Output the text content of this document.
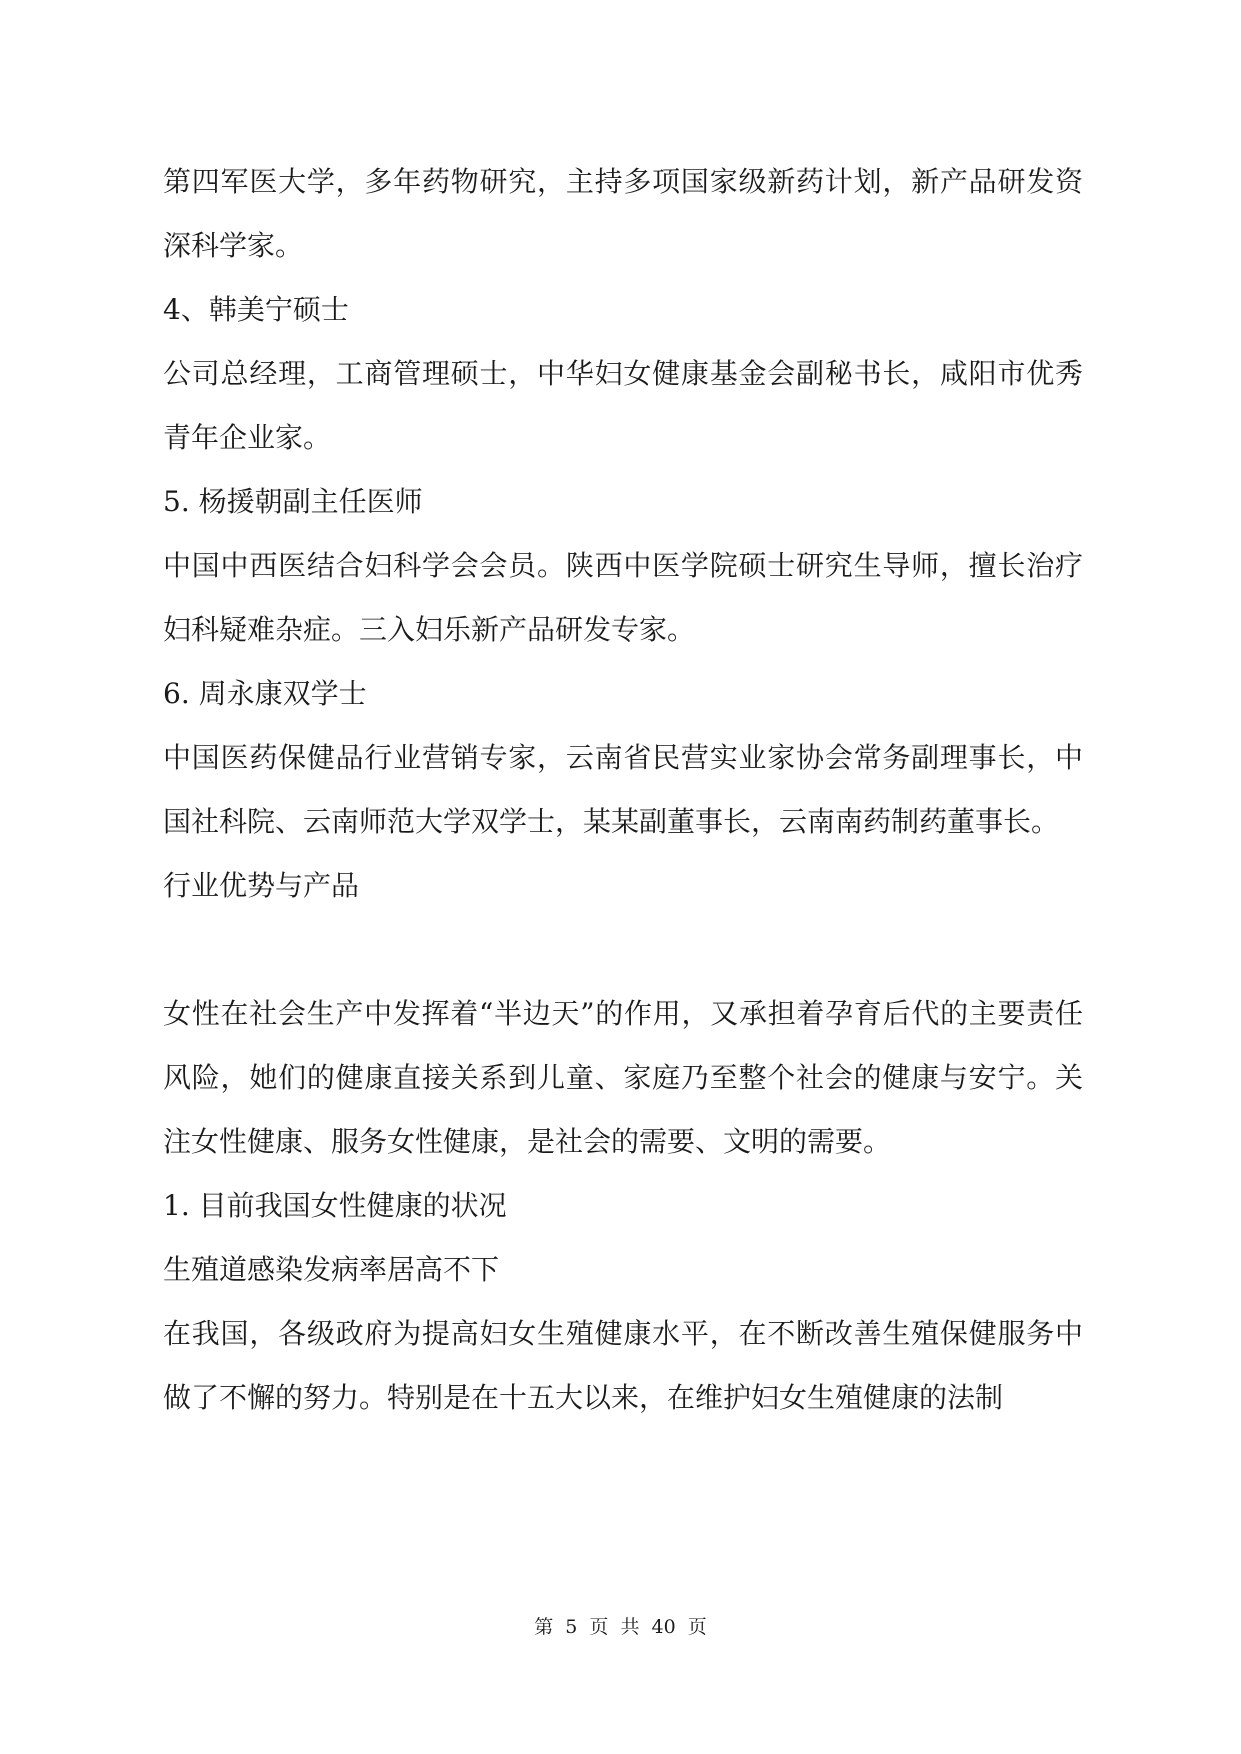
第四军医大学，多年药物研究，主持多项国家级新药计划，新产品研发资深科学家。

4、韩美宁硕士

公司总经理，工商管理硕士，中华妇女健康基金会副秘书长，咸阳市优秀青年企业家。

5. 杨援朝副主任医师

中国中西医结合妇科学会会员。陕西中医学院硕士研究生导师，擅长治疗妇科疑难杂症。三入妇乐新产品研发专家。

6. 周永康双学士

中国医药保健品行业营销专家，云南省民营实业家协会常务副理事长，中国社科院、云南师范大学双学士，某某副董事长，云南南药制药董事长。

行业优势与产品

女性在社会生产中发挥着“半边天”的作用，又承担着孕育后代的主要责任风险，她们的健康直接关系到儿童、家庭乃至整个社会的健康与安宁。关注女性健康、服务女性健康，是社会的需要、文明的需要。

1. 目前我国女性健康的状况

生殖道感染发病率居高不下

在我国，各级政府为提高妇女生殖健康水平，在不断改善生殖保健服务中做了不懈的努力。特别是在十五大以来，在维护妇女生殖健康的法制

第 5 页 共 40 页
